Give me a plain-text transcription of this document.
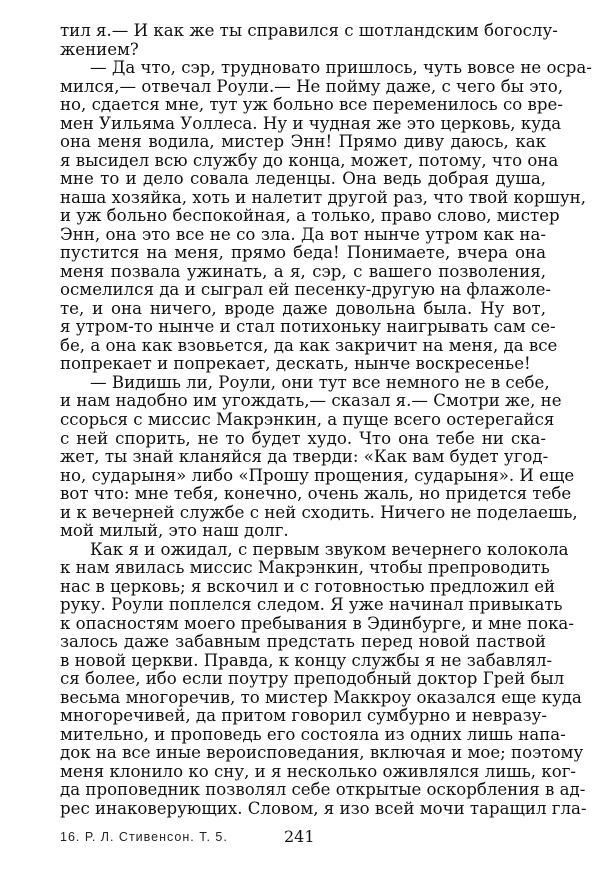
тил я.— И как же ты справился с шотландским богослу-
жением?
— Да что, сэр, трудновато пришлось, чуть вовсе не осра-
мился,— отвечал Роули.— Не пойму даже, с чего бы это,
но, сдается мне, тут уж больно все переменилось со вре-
мен Уильяма Уоллеса. Ну и чудная же это церковь, куда
она меня водила, мистер Энн! Прямо диву даюсь, как
я высидел всю службу до конца, может, потому, что она
мне то и дело совала леденцы. Она ведь добрая душа,
наша хозяйка, хоть и налетит другой раз, что твой коршун,
и уж больно беспокойная, а только, право слово, мистер
Энн, она это все не со зла. Да вот нынче утром как на-
пустится на меня, прямо беда! Понимаете, вчера она
меня позвала ужинать, а я, сэр, с вашего позволения,
осмелился да и сыграл ей песенку-другую на флажоле-
те, и она ничего, вроде даже довольна была. Ну вот,
я утром-то нынче и стал потихоньку наигрывать сам се-
бе, а она как взовьется, да как закричит на меня, да все
попрекает и попрекает, дескать, нынче воскресенье!
— Видишь ли, Роули, они тут все немного не в себе,
и нам надобно им угождать,— сказал я.— Смотри же, не
ссорься с миссис Макрэнкин, а пуще всего остерегайся
с ней спорить, не то будет худо. Что она тебе ни ска-
жет, ты знай кланяйся да тверди: «Как вам будет угод-
но, сударыня» либо «Прошу прощения, сударыня». И еще
вот что: мне тебя, конечно, очень жаль, но придется тебе
и к вечерней службе с ней сходить. Ничего не поделаешь,
мой милый, это наш долг.
Как я и ожидал, с первым звуком вечернего колокола
к нам явилась миссис Макрэнкин, чтобы препроводить
нас в церковь; я вскочил и с готовностью предложил ей
руку. Роули поплелся следом. Я уже начинал привыкать
к опасностям моего пребывания в Эдинбурге, и мне пока-
залось даже забавным предстать перед новой паствой
в новой церкви. Правда, к концу службы я не забавлял-
ся более, ибо если поутру преподобный доктор Грей был
весьма многоречив, то мистер Маккроу оказался еще куда
многоречивей, да притом говорил сумбурно и невразу-
мительно, и проповедь его состояла из одних лишь напа-
док на все иные вероисповедания, включая и мое; поэтому
меня клонило ко сну, и я несколько оживлялся лишь, ког-
да проповедник позволял себе открытые оскорбления в ад-
рес инаковерующих. Словом, я изо всей мочи таращил гла-
16. Р. Л. Стивенсон. Т. 5.	241
